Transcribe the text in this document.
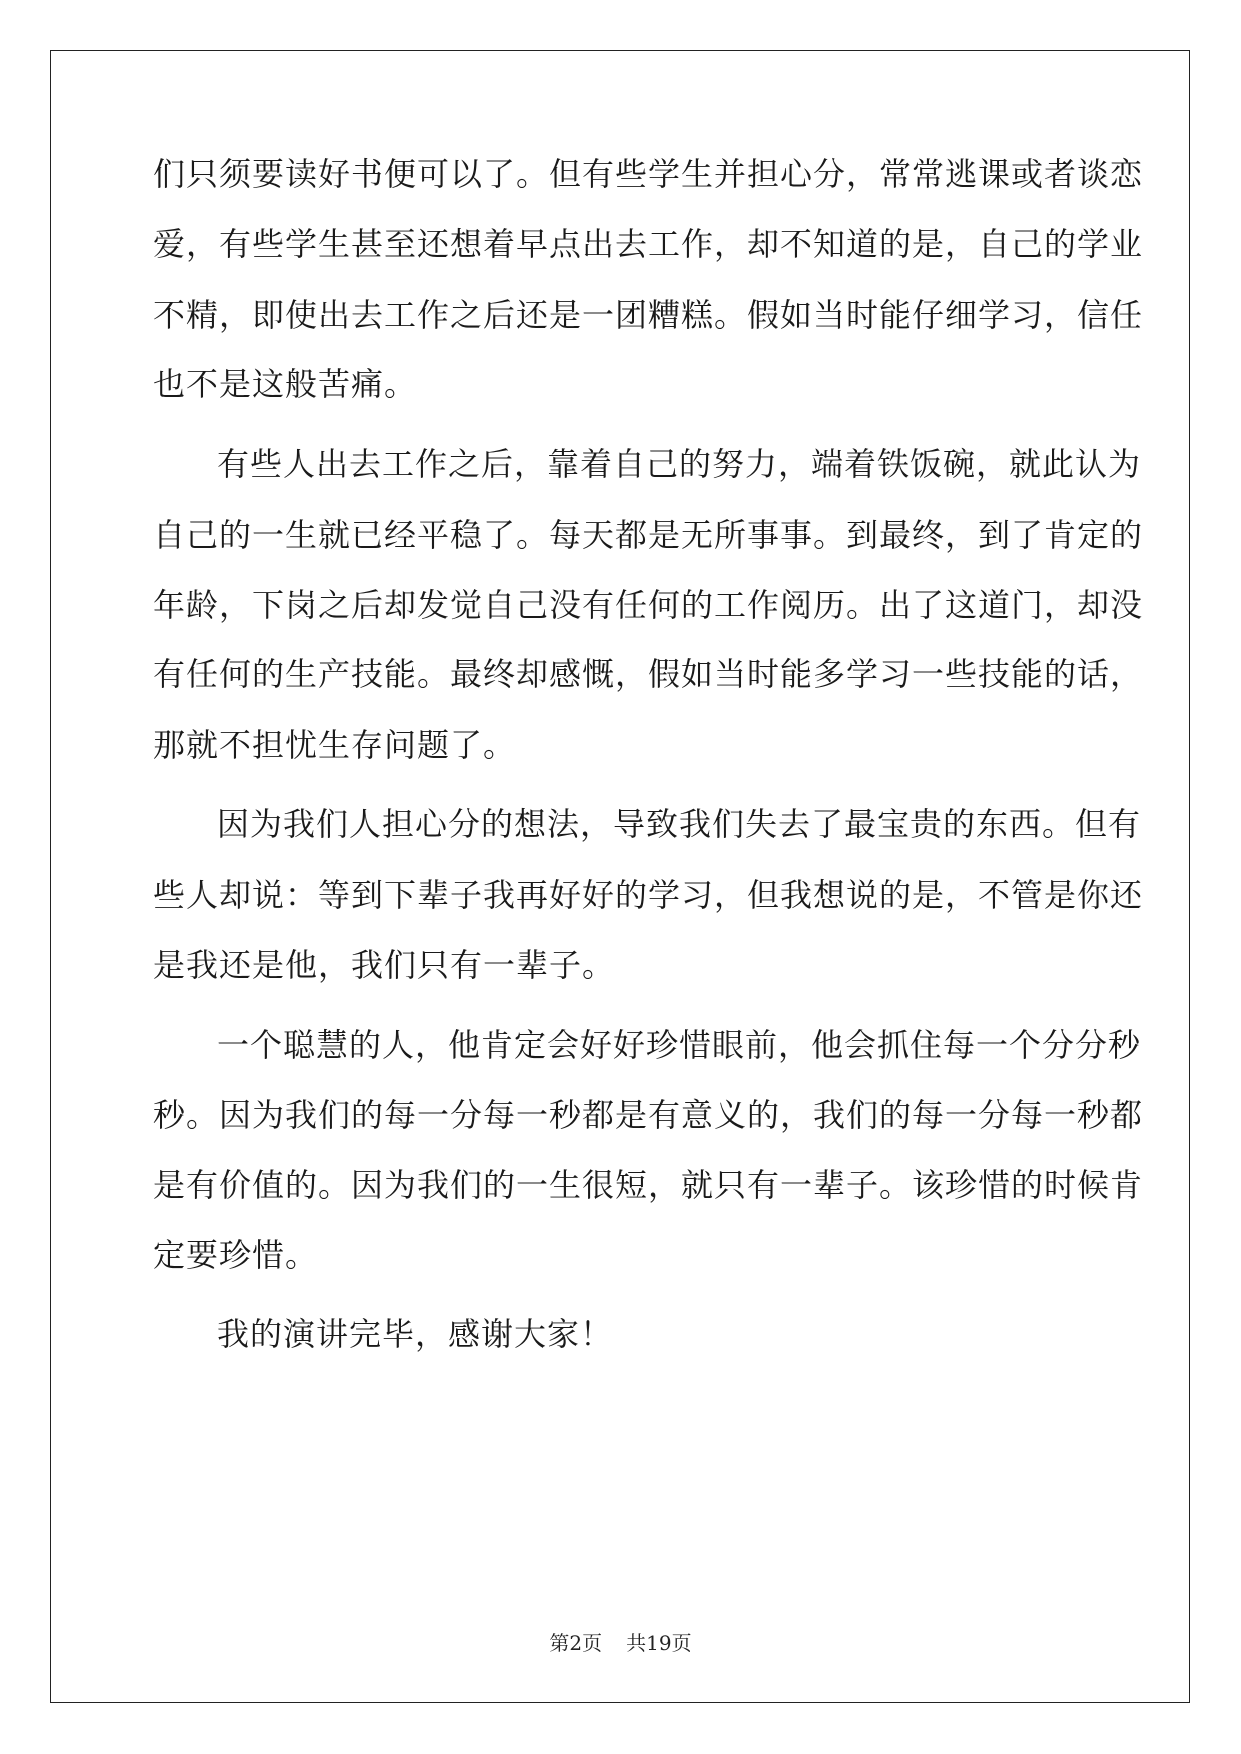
们只须要读好书便可以了。但有些学生并担心分，常常逃课或者谈恋
爱，有些学生甚至还想着早点出去工作，却不知道的是，自己的学业
不精，即使出去工作之后还是一团糟糕。假如当时能仔细学习，信任
也不是这般苦痛。
有些人出去工作之后，靠着自己的努力，端着铁饭碗，就此认为
自己的一生就已经平稳了。每天都是无所事事。到最终，到了肯定的
年龄，下岗之后却发觉自己没有任何的工作阅历。出了这道门，却没
有任何的生产技能。最终却感慨，假如当时能多学习一些技能的话，
那就不担忧生存问题了。
因为我们人担心分的想法，导致我们失去了最宝贵的东西。但有
些人却说：等到下辈子我再好好的学习，但我想说的是，不管是你还
是我还是他，我们只有一辈子。
一个聪慧的人，他肯定会好好珍惜眼前，他会抓住每一个分分秒
秒。因为我们的每一分每一秒都是有意义的，我们的每一分每一秒都
是有价值的。因为我们的一生很短，就只有一辈子。该珍惜的时候肯
定要珍惜。
我的演讲完毕，感谢大家！
第2页 共19页
